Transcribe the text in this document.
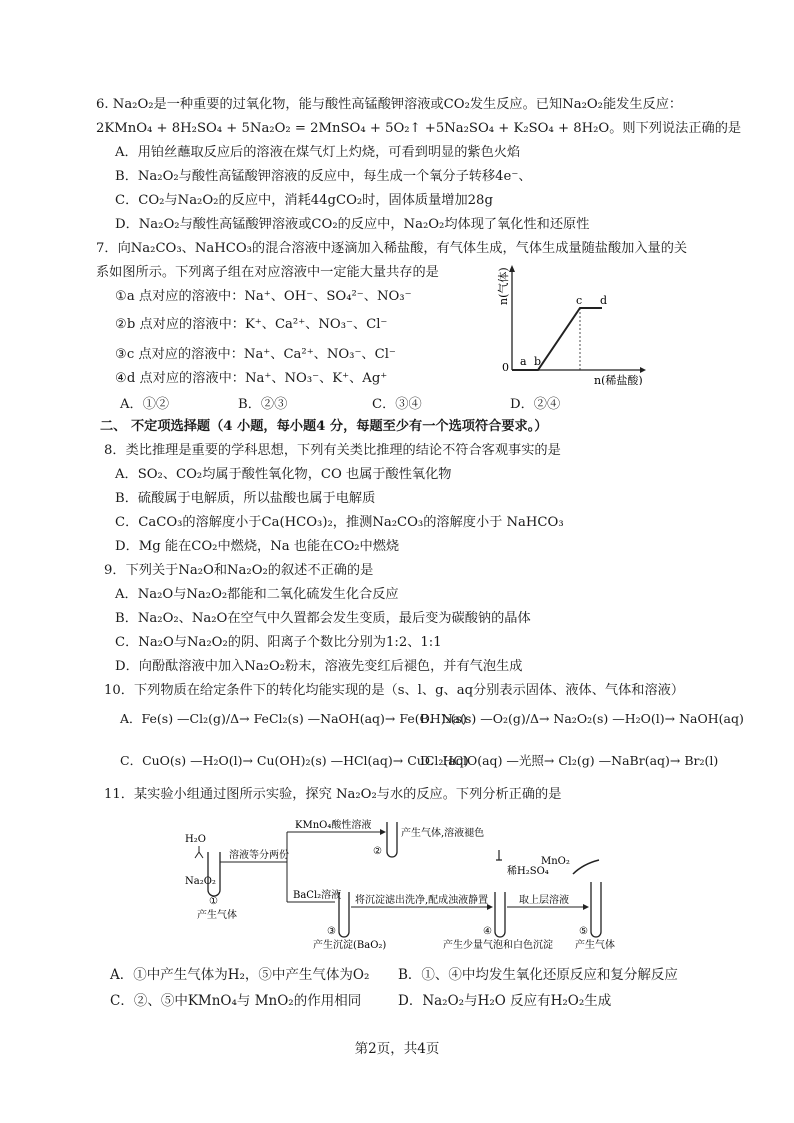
6. Na₂O₂是一种重要的过氧化物，能与酸性高锰酸钾溶液或CO₂发生反应。已知Na₂O₂能发生反应：
2KMnO₄ + 8H₂SO₄ + 5Na₂O₂ = 2MnSO₄ + 5O₂↑ +5Na₂SO₄ + K₂SO₄ + 8H₂O。则下列说法正确的是
A．用铂丝蘸取反应后的溶液在煤气灯上灼烧，可看到明显的紫色火焰
B．Na₂O₂与酸性高锰酸钾溶液的反应中，每生成一个氧分子转移4e⁻、
C．CO₂与Na₂O₂的反应中，消耗44gCO₂时，固体质量增加28g
D．Na₂O₂与酸性高锰酸钾溶液或CO₂的反应中，Na₂O₂均体现了氧化性和还原性
7．向Na₂CO₃、NaHCO₃的混合溶液中逐滴加入稀盐酸，有气体生成，气体生成量随盐酸加入量的关
系如图所示。下列离子组在对应溶液中一定能大量共存的是
①a 点对应的溶液中：Na⁺、OH⁻、SO₄²⁻、NO₃⁻
②b 点对应的溶液中：K⁺、Ca²⁺、NO₃⁻、Cl⁻
③c 点对应的溶液中：Na⁺、Ca²⁺、NO₃⁻、Cl⁻
④d 点对应的溶液中：Na⁺、NO₃⁻、K⁺、Ag⁺
A．①②	B．②③	C．③④	D．②④
n(气体)
n(稀盐酸)
0 a b
c d
二、 不定项选择题（4 小题，每小题4 分，每题至少有一个选项符合要求。）
8．类比推理是重要的学科思想，下列有关类比推理的结论不符合客观事实的是
A．SO₂、CO₂均属于酸性氧化物，CO 也属于酸性氧化物
B．硫酸属于电解质，所以盐酸也属于电解质
C．CaCO₃的溶解度小于Ca(HCO₃)₂，推测Na₂CO₃的溶解度小于 NaHCO₃
D．Mg 能在CO₂中燃烧，Na 也能在CO₂中燃烧
9．下列关于Na₂O和Na₂O₂的叙述不正确的是
A．Na₂O与Na₂O₂都能和二氧化硫发生化合反应
B．Na₂O₂、Na₂O在空气中久置都会发生变质，最后变为碳酸钠的晶体
C．Na₂O与Na₂O₂的阴、阳离子个数比分别为1:2、1:1
D．向酚酞溶液中加入Na₂O₂粉末，溶液先变红后褪色，并有气泡生成
10．下列物质在给定条件下的转化均能实现的是（s、l、g、aq分别表示固体、液体、气体和溶液）
A．Fe(s) —Cl₂(g)/Δ→ FeCl₂(s) —NaOH(aq)→ Fe(OH)₂(s)
B．Na(s) —O₂(g)/Δ→ Na₂O₂(s) —H₂O(l)→ NaOH(aq)
C．CuO(s) —H₂O(l)→ Cu(OH)₂(s) —HCl(aq)→ CuCl₂(aq)
D．HClO(aq) —光照→ Cl₂(g) —NaBr(aq)→ Br₂(l)
11．某实验小组通过图所示实验，探究 Na₂O₂与水的反应。下列分析正确的是
H₂O
Na₂O₂
①
产生气体
溶液等分两份
KMnO₄酸性溶液
②
产生气体,溶液褪色
BaCl₂溶液
③
产生沉淀(BaO₂)
将沉淀滤出洗净,配成浊液静置
稀H₂SO₄
④
产生少量气泡和白色沉淀
取上层溶液
MnO₂
⑤
产生气体
A．①中产生气体为H₂，⑤中产生气体为O₂ B．①、④中均发生氧化还原反应和复分解反应
C．②、⑤中KMnO₄与 MnO₂的作用相同	D．Na₂O₂与H₂O 反应有H₂O₂生成
第2页，共4页
